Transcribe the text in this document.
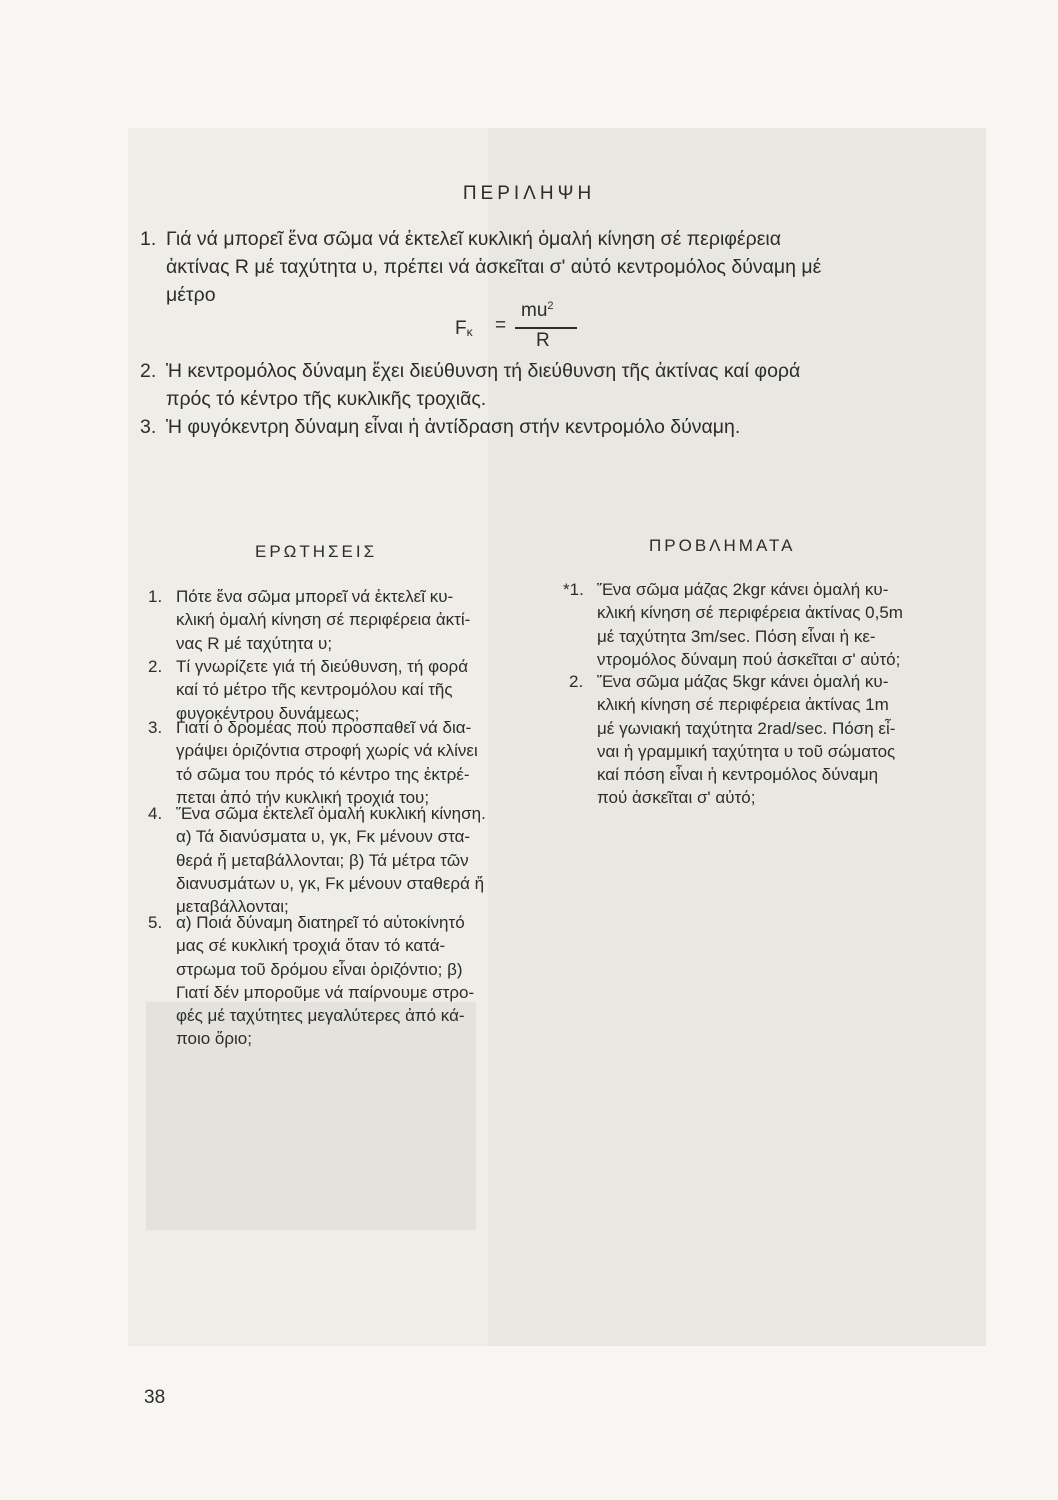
ΠΕΡΙΛΗΨΗ
1. Γιά νά μπορεῖ ἕνα σῶμα νά ἐκτελεῖ κυκλική ὁμαλή κίνηση σέ περιφέρεια
ἀκτίνας R μέ ταχύτητα υ, πρέπει νά ἀσκεῖται σ' αὐτό κεντρομόλος δύναμη μέ
μέτρο
$F_\kappa$ =
$mu^2$
R
2. Ἡ κεντρομόλος δύναμη ἔχει διεύθυνση τή διεύθυνση τῆς ἀκτίνας καί φορά
πρός τό κέντρο τῆς κυκλικῆς τροχιᾶς.
3. Ἡ φυγόκεντρη δύναμη εἶναι ἡ ἀντίδραση στήν κεντρομόλο δύναμη.
ΕΡΩΤΗΣΕΙΣ
1. Πότε ἕνα σῶμα μπορεῖ νά ἐκτελεῖ κυ-
κλική ὁμαλή κίνηση σέ περιφέρεια ἀκτί-
νας R μέ ταχύτητα υ;
2. Τί γνωρίζετε γιά τή διεύθυνση, τή φορά
καί τό μέτρο τῆς κεντρομόλου καί τῆς
φυγοκέντρου δυνάμεως;
3. Γιατί ὁ δρομέας πού προσπαθεῖ νά δια-
γράψει ὁριζόντια στροφή χωρίς νά κλίνει
τό σῶμα του πρός τό κέντρο της ἐκτρέ-
πεται ἀπό τήν κυκλική τροχιά του;
4. Ἕνα σῶμα ἐκτελεῖ ὁμαλή κυκλική κίνηση.
α) Τά διανύσματα υ, γκ, Fκ μένουν στα-
θερά ἤ μεταβάλλονται; β) Τά μέτρα τῶν
διανυσμάτων υ, γκ, Fκ μένουν σταθερά ἤ
μεταβάλλονται;
5. α) Ποιά δύναμη διατηρεῖ τό αὐτοκίνητό
μας σέ κυκλική τροχιά ὅταν τό κατά-
στρωμα τοῦ δρόμου εἶναι ὁριζόντιο; β)
Γιατί δέν μποροῦμε νά παίρνουμε στρο-
φές μέ ταχύτητες μεγαλύτερες ἀπό κά-
ποιο ὅριο;
ΠΡΟΒΛΗΜΑΤΑ
*1. Ἕνα σῶμα μάζας 2kgr κάνει ὁμαλή κυ-
κλική κίνηση σέ περιφέρεια ἀκτίνας 0,5m
μέ ταχύτητα 3m/sec. Πόση εἶναι ἡ κε-
ντρομόλος δύναμη πού ἀσκεῖται σ' αὐτό;
2. Ἕνα σῶμα μάζας 5kgr κάνει ὁμαλή κυ-
κλική κίνηση σέ περιφέρεια ἀκτίνας 1m
μέ γωνιακή ταχύτητα 2rad/sec. Πόση εἶ-
ναι ἡ γραμμική ταχύτητα υ τοῦ σώματος
καί πόση εἶναι ἡ κεντρομόλος δύναμη
πού ἀσκεῖται σ' αὐτό;
38
